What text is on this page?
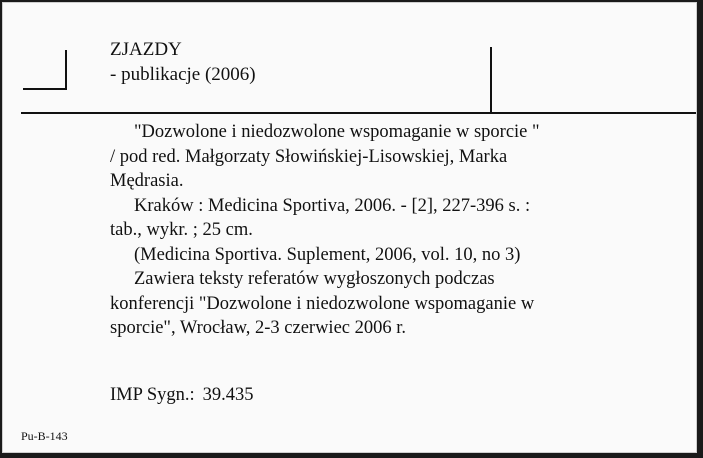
ZJAZDY
- publikacje (2006)

"Dozwolone i niedozwolone wspomaganie w sporcie "

/ pod red. Małgorzaty Słowińskiej-Lisowskiej, Marka

Mędrasia.

Kraków : Medicina Sportiva, 2006. - [2], 227-396 s. :

tab., wykr. ; 25 cm.

(Medicina Sportiva. Suplement, 2006, vol. 10, no 3)

Zawiera teksty referatów wygłoszonych podczas

konferencji "Dozwolone i niedozwolone wspomaganie w

sporcie", Wrocław, 2-3 czerwiec 2006 r.

IMP Sygn.: 39.435
Pu-B-143
